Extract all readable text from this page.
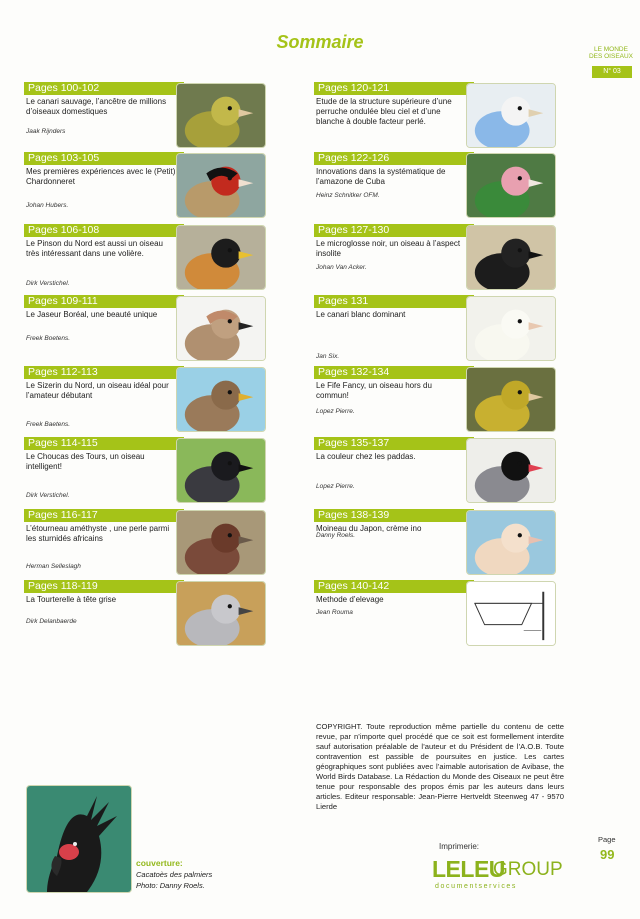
Sommaire	LE MONDE DES OISEAUX
N° 03
Pages 100-102
Le canari sauvage, l’ancêtre de millions d’oiseaux domestiques
Jaak Rijnders
Pages 103-105
Mes premières expériences avec le (Petit) Chardonneret
Johan Hubers.
Pages 106-108
Le Pinson du Nord est aussi un oiseau très intéressant dans une volière.
Dirk Verstichel.
Pages 109-111
Le Jaseur Boréal, une beauté unique
Freek Boetens.
Pages 112-113
Le Sizerin du Nord, un oiseau idéal pour l’amateur débutant
Freek Baetens.
Pages 114-115
Le Choucas des Tours, un oiseau intelligent!
Dirk Verstichel.
Pages 116-117
L’étourneau améthyste , une perle parmi les sturnidés africains
Herman Selleslagh
Pages 118-119
La Tourterelle à tête grise
Dirk Delanbaerde
Pages 120-121
Etude de la structure supérieure d’une perruche ondulée bleu ciel et d’une blanche à double facteur perlé.
Pages 122-126
Innovations dans la systématique de l’amazone de Cuba
Heinz Schnitker OFM.
Pages 127-130
Le microglosse noir, un oiseau à l’aspect insolite
Johan Van Acker.
Pages 131
Le canari blanc dominant
Jan Six.
Pages 132-134
Le Fife Fancy, un oiseau hors du commun!
Lopez Pierre.
Pages 135-137
La couleur chez les paddas.
Lopez Pierre.
Pages 138-139
Moineau du Japon, crème ino
Danny Roels.
Pages 140-142
Methode d’elevage
Jean Rouma
COPYRIGHT. Toute reproduction même partielle du contenu de cette revue, par n’importe quel procédé que ce soit est formellement interdite sauf autorisation préalable de l’auteur et du Président de l’A.O.B. Toute contravention est passible de poursuites en justice. Les cartes géographiques sont publiées avec l’aimable autorisation de Avibase, the World Birds Database. La Rédaction du Monde des Oiseaux ne peut être tenue pour responsable des propos émis par les auteurs dans leurs articles. Editeur responsable: Jean-Pierre Hertveldt Steenweg 47 - 9570 Lierde
couverture:
Cacatoès des palmiers
Photo: Danny Roels.
Imprimerie:
LELEU
GROUP
documentservices
Page
99
